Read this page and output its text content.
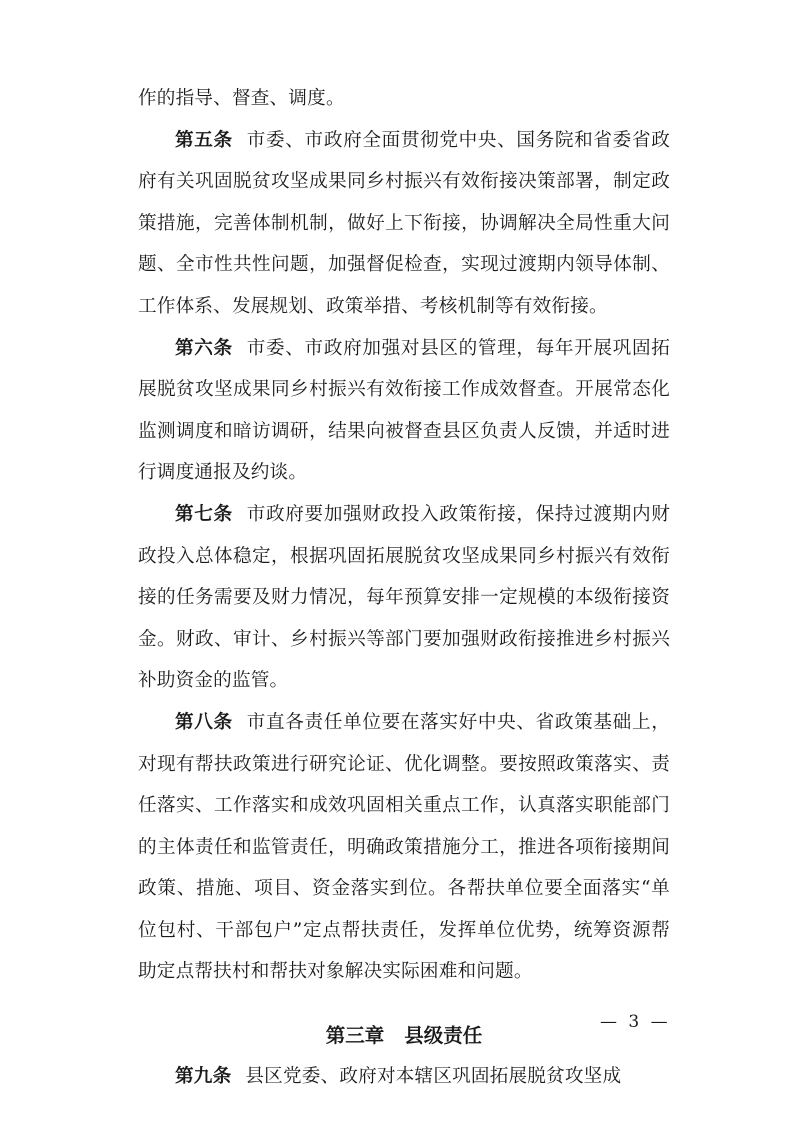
作的指导、督查、调度。

第五条 市委、市政府全面贯彻党中央、国务院和省委省政府有关巩固脱贫攻坚成果同乡村振兴有效衔接决策部署，制定政策措施，完善体制机制，做好上下衔接，协调解决全局性重大问题、全市性共性问题，加强督促检查，实现过渡期内领导体制、工作体系、发展规划、政策举措、考核机制等有效衔接。

第六条 市委、市政府加强对县区的管理，每年开展巩固拓展脱贫攻坚成果同乡村振兴有效衔接工作成效督查。开展常态化监测调度和暗访调研，结果向被督查县区负责人反馈，并适时进行调度通报及约谈。

第七条 市政府要加强财政投入政策衔接，保持过渡期内财政投入总体稳定，根据巩固拓展脱贫攻坚成果同乡村振兴有效衔接的任务需要及财力情况，每年预算安排一定规模的本级衔接资金。财政、审计、乡村振兴等部门要加强财政衔接推进乡村振兴补助资金的监管。

第八条 市直各责任单位要在落实好中央、省政策基础上，对现有帮扶政策进行研究论证、优化调整。要按照政策落实、责任落实、工作落实和成效巩固相关重点工作，认真落实职能部门的主体责任和监管责任，明确政策措施分工，推进各项衔接期间政策、措施、项目、资金落实到位。各帮扶单位要全面落实“单位包村、干部包户”定点帮扶责任，发挥单位优势，统筹资源帮助定点帮扶村和帮扶对象解决实际困难和问题。

第三章 县级责任

第九条 县区党委、政府对本辖区巩固拓展脱贫攻坚成

— 3 —
